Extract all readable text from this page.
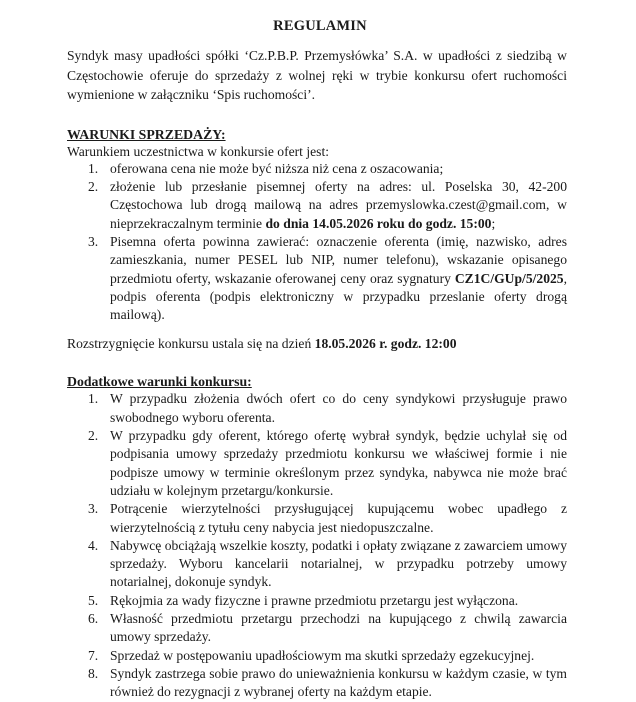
REGULAMIN

Syndyk masy upadłości spółki ‘Cz.P.B.P. Przemysłówka’ S.A. w upadłości z siedzibą w Częstochowie oferuje do sprzedaży z wolnej ręki w trybie konkursu ofert ruchomości wymienione w załączniku ‘Spis ruchomości’.

WARUNKI SPRZEDAŻY:

Warunkiem uczestnictwa w konkursie ofert jest:

1. oferowana cena nie może być niższa niż cena z oszacowania;
2. złożenie lub przesłanie pisemnej oferty na adres: ul. Poselska 30, 42-200 Częstochowa lub drogą mailową na adres przemyslowka.czest@gmail.com, w nieprzekraczalnym terminie do dnia 14.05.2026 roku do godz. 15:00;
3. Pisemna oferta powinna zawierać: oznaczenie oferenta (imię, nazwisko, adres zamieszkania, numer PESEL lub NIP, numer telefonu), wskazanie opisanego przedmiotu oferty, wskazanie oferowanej ceny oraz sygnatury CZ1C/GUp/5/2025, podpis oferenta (podpis elektroniczny w przypadku przeslanie oferty drogą mailową).

Rozstrzygnięcie konkursu ustala się na dzień 18.05.2026 r. godz. 12:00

Dodatkowe warunki konkursu:

1. W przypadku złożenia dwóch ofert co do ceny syndykowi przysługuje prawo swobodnego wyboru oferenta.
2. W przypadku gdy oferent, którego ofertę wybrał syndyk, będzie uchylał się od podpisania umowy sprzedaży przedmiotu konkursu we właściwej formie i nie podpisze umowy w terminie określonym przez syndyka, nabywca nie może brać udziału w kolejnym przetargu/konkursie.
3. Potrącenie wierzytelności przysługującej kupującemu wobec upadłego z wierzytelnością z tytułu ceny nabycia jest niedopuszczalne.
4. Nabywcę obciążają wszelkie koszty, podatki i opłaty związane z zawarciem umowy sprzedaży. Wyboru kancelarii notarialnej, w przypadku potrzeby umowy notarialnej, dokonuje syndyk.
5. Rękojmia za wady fizyczne i prawne przedmiotu przetargu jest wyłączona.
6. Własność przedmiotu przetargu przechodzi na kupującego z chwilą zawarcia umowy sprzedaży.
7. Sprzedaż w postępowaniu upadłościowym ma skutki sprzedaży egzekucyjnej.
8. Syndyk zastrzega sobie prawo do unieważnienia konkursu w każdym czasie, w tym również do rezygnacji z wybranej oferty na każdym etapie.
